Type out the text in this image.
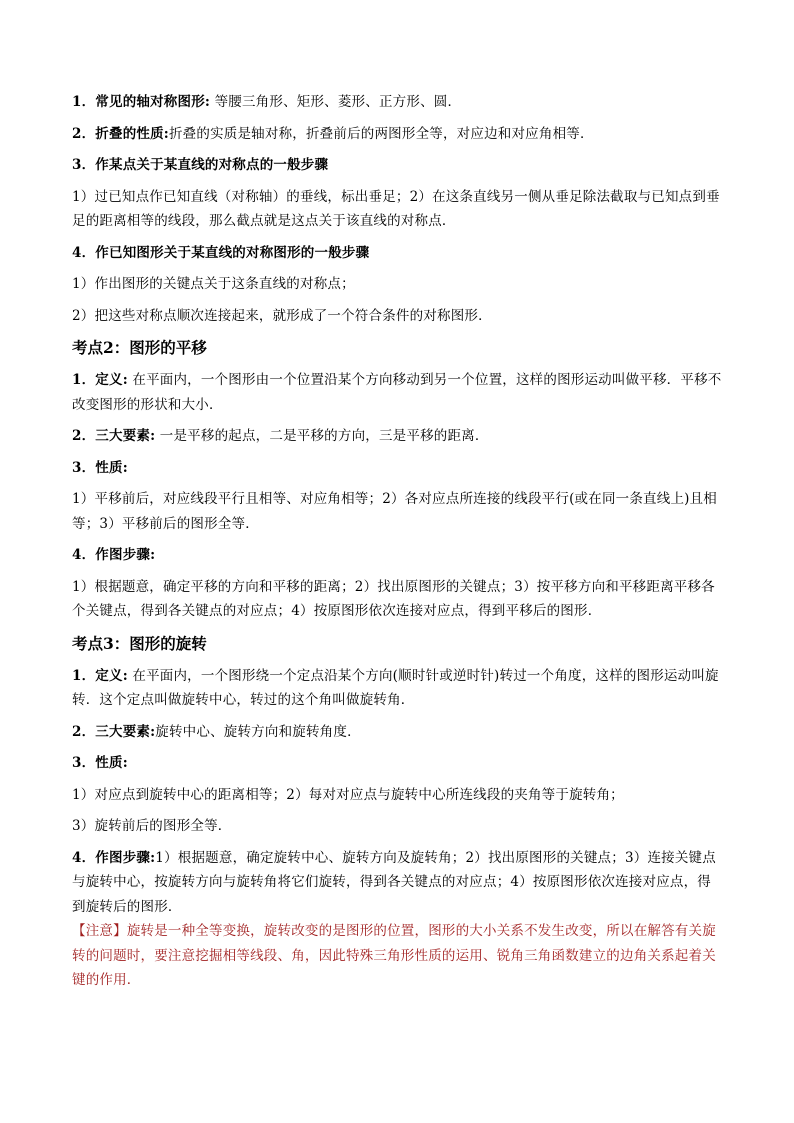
1．常见的轴对称图形: 等腰三角形、矩形、菱形、正方形、圆．

2．折叠的性质:折叠的实质是轴对称，折叠前后的两图形全等，对应边和对应角相等．

3．作某点关于某直线的对称点的一般步骤

1）过已知点作已知直线（对称轴）的垂线，标出垂足；2）在这条直线另一侧从垂足除法截取与已知点到垂足的距离相等的线段，那么截点就是这点关于该直线的对称点．

4．作已知图形关于某直线的对称图形的一般步骤

1）作出图形的关键点关于这条直线的对称点；

2）把这些对称点顺次连接起来，就形成了一个符合条件的对称图形．

考点2：图形的平移

1．定义: 在平面内，一个图形由一个位置沿某个方向移动到另一个位置，这样的图形运动叫做平移．平移不改变图形的形状和大小．

2．三大要素: 一是平移的起点，二是平移的方向，三是平移的距离．

3．性质:

1）平移前后，对应线段平行且相等、对应角相等；2）各对应点所连接的线段平行(或在同一条直线上)且相等；3）平移前后的图形全等．

4．作图步骤:

1）根据题意，确定平移的方向和平移的距离；2）找出原图形的关键点；3）按平移方向和平移距离平移各个关键点，得到各关键点的对应点；4）按原图形依次连接对应点，得到平移后的图形．

考点3：图形的旋转

1．定义: 在平面内，一个图形绕一个定点沿某个方向(顺时针或逆时针)转过一个角度，这样的图形运动叫旋转．这个定点叫做旋转中心，转过的这个角叫做旋转角．

2．三大要素:旋转中心、旋转方向和旋转角度．

3．性质:

1）对应点到旋转中心的距离相等；2）每对对应点与旋转中心所连线段的夹角等于旋转角；

3）旋转前后的图形全等．

4．作图步骤:1）根据题意，确定旋转中心、旋转方向及旋转角；2）找出原图形的关键点；3）连接关键点与旋转中心，按旋转方向与旋转角将它们旋转，得到各关键点的对应点；4）按原图形依次连接对应点，得到旋转后的图形．

【注意】旋转是一种全等变换，旋转改变的是图形的位置，图形的大小关系不发生改变，所以在解答有关旋转的问题时，要注意挖掘相等线段、角，因此特殊三角形性质的运用、锐角三角函数建立的边角关系起着关键的作用．
